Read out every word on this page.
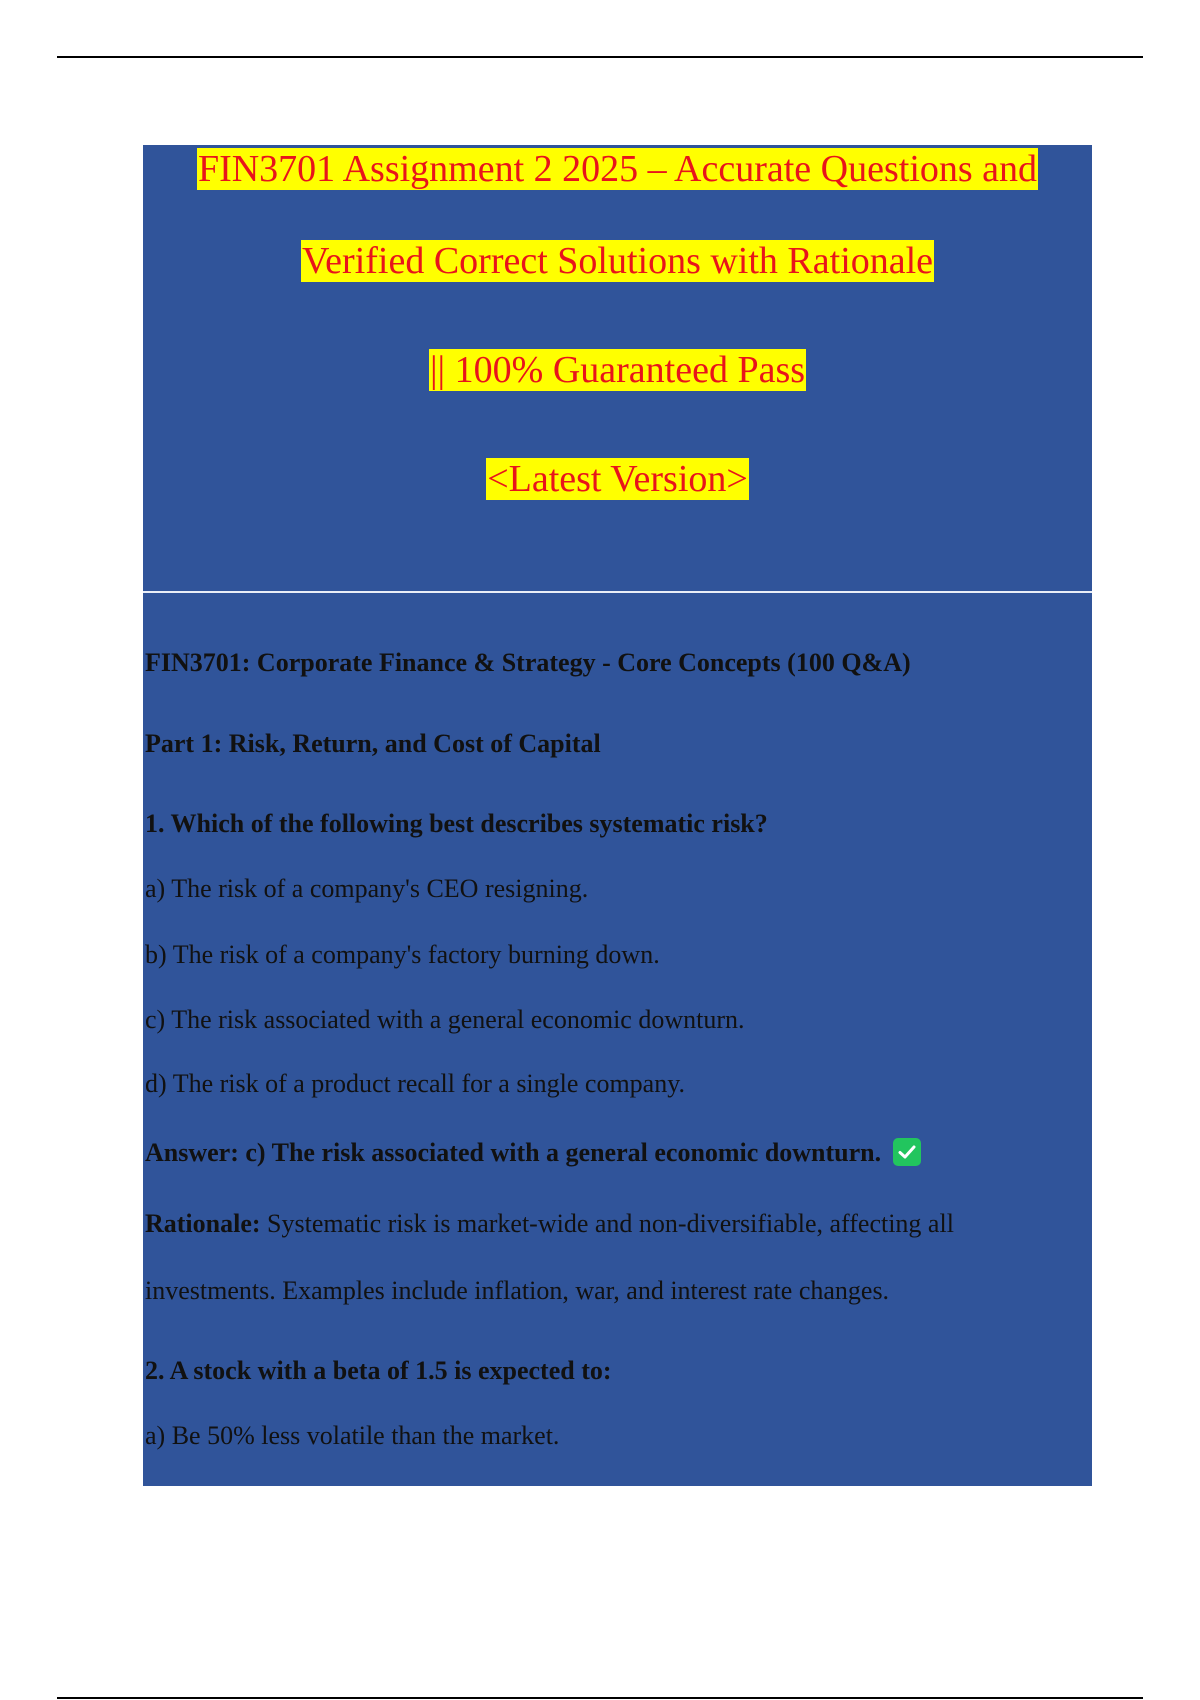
FIN3701 Assignment 2 2025 – Accurate Questions and
Verified Correct Solutions with Rationale
|| 100% Guaranteed Pass
<Latest Version>
FIN3701: Corporate Finance & Strategy - Core Concepts (100 Q&A)
Part 1: Risk, Return, and Cost of Capital
1. Which of the following best describes systematic risk?
a) The risk of a company's CEO resigning.
b) The risk of a company's factory burning down.
c) The risk associated with a general economic downturn.
d) The risk of a product recall for a single company.
Answer: c) The risk associated with a general economic downturn.
Rationale: Systematic risk is market-wide and non-diversifiable, affecting all
investments. Examples include inflation, war, and interest rate changes.
2. A stock with a beta of 1.5 is expected to:
a) Be 50% less volatile than the market.
